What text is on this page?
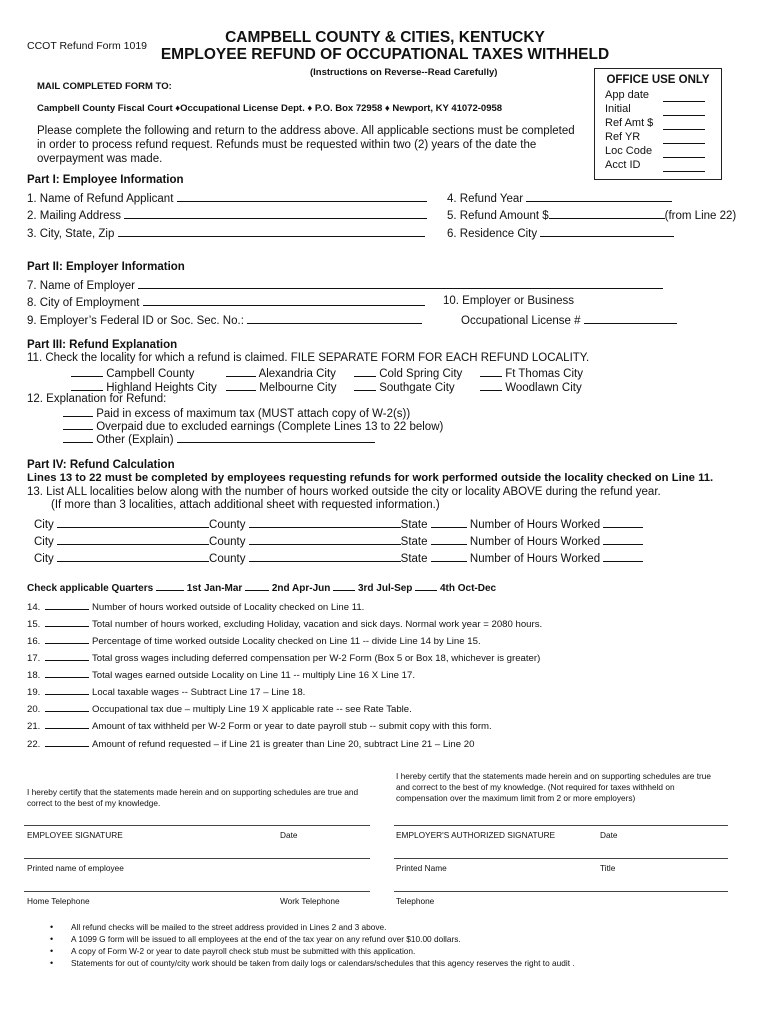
CCOT Refund Form 1019	CAMPBELL COUNTY & CITIES, KENTUCKY
EMPLOYEE REFUND OF OCCUPATIONAL TAXES WITHHELD
(Instructions on Reverse--Read Carefully)
MAIL COMPLETED FORM TO:
Campbell County Fiscal Court ♦Occupational License Dept. ♦ P.O. Box 72958 ♦ Newport, KY 41072-0958
Please complete the following and return to the address above. All applicable sections must be completed
in order to process refund request. Refunds must be requested within two (2) years of the date the
overpayment was made.
OFFICE USE ONLY
App date
Initial
Ref Amt $
Ref YR
Loc Code
Acct ID
Part I: Employee Information
1. Name of Refund Applicant
2. Mailing Address
3. City, State, Zip
4. Refund Year
5. Refund Amount $	(from Line 22)
6. Residence City
Part II: Employer Information
7. Name of Employer
8. City of Employment
9. Employer’s Federal ID or Soc. Sec. No.:
10. Employer or Business
Occupational License #
Part III: Refund Explanation
11. Check the locality for which a refund is claimed. FILE SEPARATE FORM FOR EACH REFUND LOCALITY.
Campbell County	Alexandria City	Cold Spring City	Ft Thomas City
Highland Heights City	Melbourne City	Southgate City	Woodlawn City
12. Explanation for Refund:
Paid in excess of maximum tax (MUST attach copy of W-2(s))
Overpaid due to excluded earnings (Complete Lines 13 to 22 below)
Other (Explain)
Part IV: Refund Calculation
Lines 13 to 22 must be completed by employees requesting refunds for work performed outside the locality checked on Line 11.
13. List ALL localities below along with the number of hours worked outside the city or locality ABOVE during the refund year.
(If more than 3 localities, attach additional sheet with requested information.)
City	County	State	Number of Hours Worked
City	County	State	Number of Hours Worked
City	County	State	Number of Hours Worked
Check applicable Quarters	1st Jan-Mar	2nd Apr-Jun	3rd Jul-Sep	4th Oct-Dec
14.	Number of hours worked outside of Locality checked on Line 11.
15.	Total number of hours worked, excluding Holiday, vacation and sick days. Normal work year = 2080 hours.
16.	Percentage of time worked outside Locality checked on Line 11 -- divide Line 14 by Line 15.
17.	Total gross wages including deferred compensation per W-2 Form (Box 5 or Box 18, whichever is greater)
18.	Total wages earned outside Locality on Line 11 -- multiply Line 16 X Line 17.
19.	Local taxable wages -- Subtract Line 17 – Line 18.
20.	Occupational tax due – multiply Line 19 X applicable rate -- see Rate Table.
21.	Amount of tax withheld per W-2 Form or year to date payroll stub -- submit copy with this form.
22.	Amount of refund requested – if Line 21 is greater than Line 20, subtract Line 21 – Line 20
I hereby certify that the statements made herein and on supporting schedules are true and
correct to the best of my knowledge.
I hereby certify that the statements made herein and on supporting schedules are true
and correct to the best of my knowledge. (Not required for taxes withheld on
compensation over the maximum limit from 2 or more employers)
EMPLOYEE SIGNATURE	Date	EMPLOYER'S AUTHORIZED SIGNATURE	Date
Printed name of employee	Printed Name	Title
Home Telephone	Work Telephone	Telephone
• All refund checks will be mailed to the street address provided in Lines 2 and 3 above.
• A 1099 G form will be issued to all employees at the end of the tax year on any refund over $10.00 dollars.
• A copy of Form W-2 or year to date payroll check stub must be submitted with this application.
• Statements for out of county/city work should be taken from daily logs or calendars/schedules that this agency reserves the right to audit .
